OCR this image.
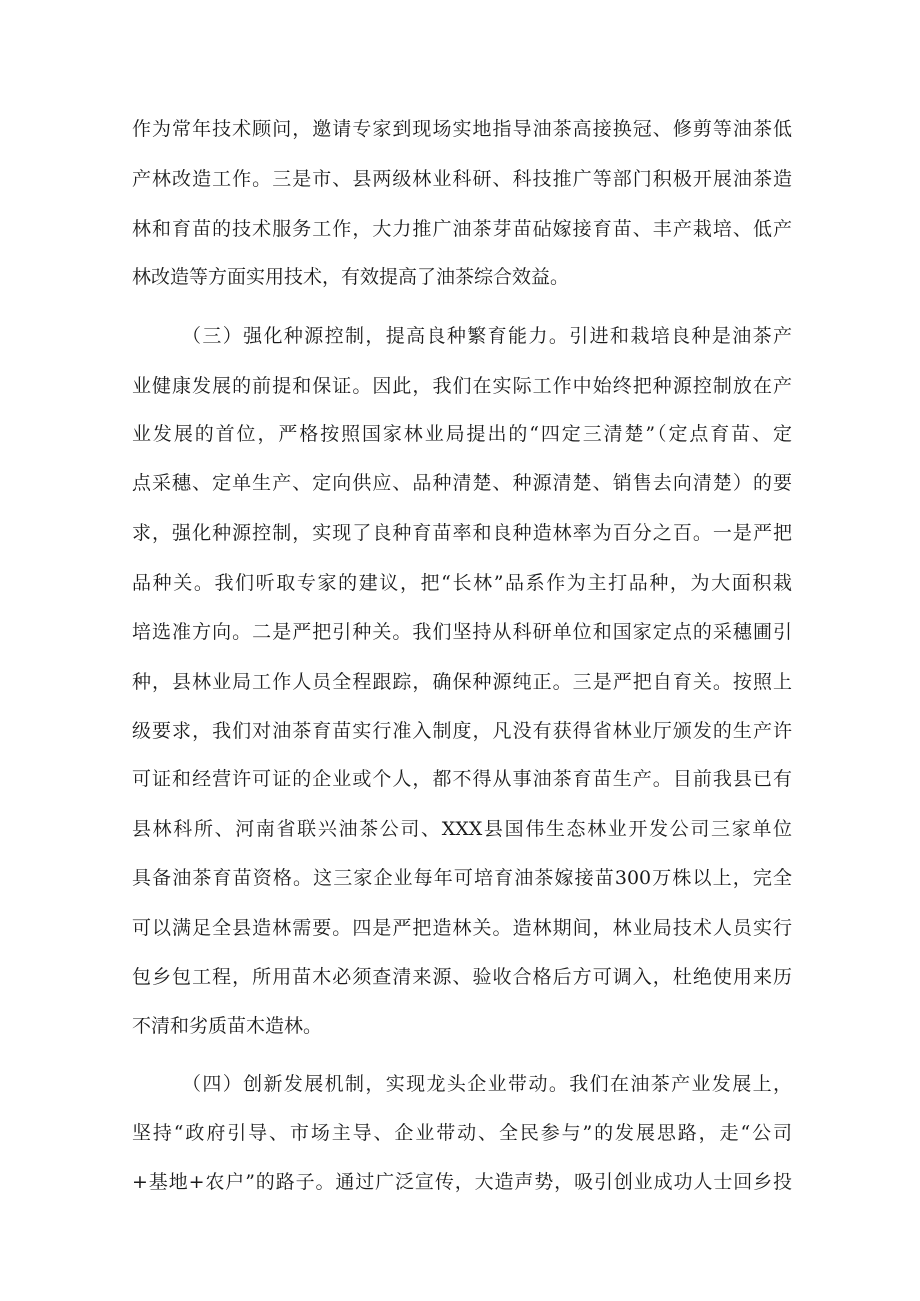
作为常年技术顾问，邀请专家到现场实地指导油茶高接换冠、修剪等油茶低
产林改造工作。三是市、县两级林业科研、科技推广等部门积极开展油茶造
林和育苗的技术服务工作，大力推广油茶芽苗砧嫁接育苗、丰产栽培、低产
林改造等方面实用技术，有效提高了油茶综合效益。
（三）强化种源控制，提高良种繁育能力。引进和栽培良种是油茶产
业健康发展的前提和保证。因此，我们在实际工作中始终把种源控制放在产
业发展的首位，严格按照国家林业局提出的“四定三清楚”（定点育苗、定
点采穗、定单生产、定向供应、品种清楚、种源清楚、销售去向清楚）的要
求，强化种源控制，实现了良种育苗率和良种造林率为百分之百。一是严把
品种关。我们听取专家的建议，把“长林”品系作为主打品种，为大面积栽
培选准方向。二是严把引种关。我们坚持从科研单位和国家定点的采穗圃引
种，县林业局工作人员全程跟踪，确保种源纯正。三是严把自育关。按照上
级要求，我们对油茶育苗实行准入制度，凡没有获得省林业厅颁发的生产许
可证和经营许可证的企业或个人，都不得从事油茶育苗生产。目前我县已有
县林科所、河南省联兴油茶公司、XXX县国伟生态林业开发公司三家单位
具备油茶育苗资格。这三家企业每年可培育油茶嫁接苗300万株以上，完全
可以满足全县造林需要。四是严把造林关。造林期间，林业局技术人员实行
包乡包工程，所用苗木必须查清来源、验收合格后方可调入，杜绝使用来历
不清和劣质苗木造林。
（四）创新发展机制，实现龙头企业带动。我们在油茶产业发展上，
坚持“政府引导、市场主导、企业带动、全民参与”的发展思路，走“公司
+基地+农户”的路子。通过广泛宣传，大造声势，吸引创业成功人士回乡投
